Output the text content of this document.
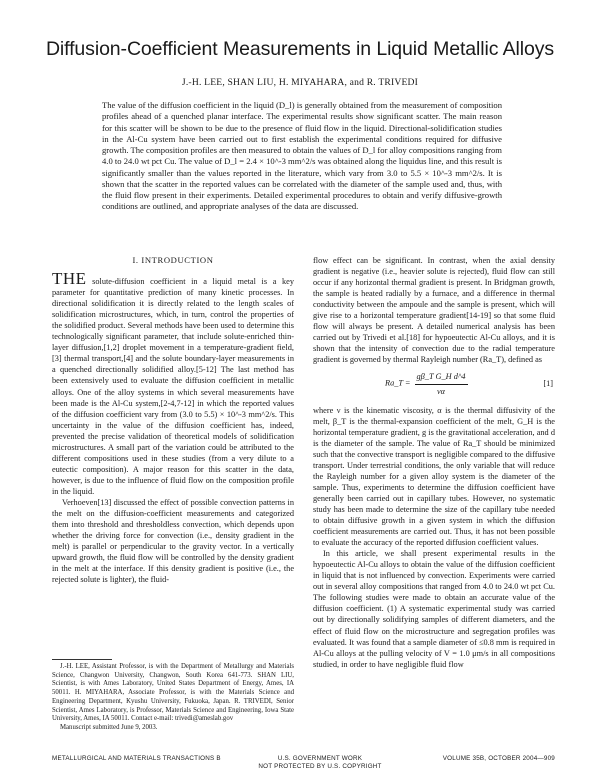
Diffusion-Coefficient Measurements in Liquid Metallic Alloys
J.-H. LEE, SHAN LIU, H. MIYAHARA, and R. TRIVEDI
The value of the diffusion coefficient in the liquid (D_l) is generally obtained from the measurement of composition profiles ahead of a quenched planar interface. The experimental results show significant scatter. The main reason for this scatter will be shown to be due to the presence of fluid flow in the liquid. Directional-solidification studies in the Al-Cu system have been carried out to first establish the experimental conditions required for diffusive growth. The composition profiles are then measured to obtain the values of D_l for alloy compositions ranging from 4.0 to 24.0 wt pct Cu. The value of D_l = 2.4 × 10^-3 mm^2/s was obtained along the liquidus line, and this result is significantly smaller than the values reported in the literature, which vary from 3.0 to 5.5 × 10^-3 mm^2/s. It is shown that the scatter in the reported values can be correlated with the diameter of the sample used and, thus, with the fluid flow present in their experiments. Detailed experimental procedures to obtain and verify diffusive-growth conditions are outlined, and appropriate analyses of the data are discussed.
I. INTRODUCTION

THE solute-diffusion coefficient in a liquid metal is a key parameter for quantitative prediction of many kinetic processes. In directional solidification it is directly related to the length scales of solidification microstructures, which, in turn, control the properties of the solidified product. Several methods have been used to determine this technologically significant parameter, that include solute-enriched thin-layer diffusion,[1,2] droplet movement in a temperature-gradient field,[3] thermal transport,[4] and the solute boundary-layer measurements in a quenched directionally solidified alloy.[5-12] The last method has been extensively used to evaluate the diffusion coefficient in metallic alloys. One of the alloy systems in which several measurements have been made is the Al-Cu system,[2-4,7-12] in which the reported values of the diffusion coefficient vary from (3.0 to 5.5) × 10^-3 mm^2/s. This uncertainty in the value of the diffusion coefficient has, indeed, prevented the precise validation of theoretical models of solidification microstructures. A small part of the variation could be attributed to the different compositions used in these studies (from a very dilute to a eutectic composition). A major reason for this scatter in the data, however, is due to the influence of fluid flow on the composition profile in the liquid.

Verhoeven[13] discussed the effect of possible convection patterns in the melt on the diffusion-coefficient measurements and categorized them into threshold and thresholdless convection, which depends upon whether the driving force for convection (i.e., density gradient in the melt) is parallel or perpendicular to the gravity vector. In a vertically upward growth, the fluid flow will be controlled by the density gradient in the melt at the interface. If this density gradient is positive (i.e., the rejected solute is lighter), the fluid-

flow effect can be significant. In contrast, when the axial density gradient is negative (i.e., heavier solute is rejected), fluid flow can still occur if any horizontal thermal gradient is present. In Bridgman growth, the sample is heated radially by a furnace, and a difference in thermal conductivity between the ampoule and the sample is present, which will give rise to a horizontal temperature gradient[14-19] so that some fluid flow will always be present. A detailed numerical analysis has been carried out by Trivedi et al.[18] for hypoeutectic Al-Cu alloys, and it is shown that the intensity of convection due to the radial temperature gradient is governed by thermal Rayleigh number (Ra_T), defined as

Ra_T = $\frac{\text{gβ\_T G\_H d\textasciicircum{}4}}{\nu\alpha}$	[1]

where ν is the kinematic viscosity, α is the thermal diffusivity of the melt, β_T is the thermal-expansion coefficient of the melt, G_H is the horizontal temperature gradient, g is the gravitational acceleration, and d is the diameter of the sample. The value of Ra_T should be minimized such that the convective transport is negligible compared to the diffusive transport. Under terrestrial conditions, the only variable that will reduce the Rayleigh number for a given alloy system is the diameter of the sample. Thus, experiments to determine the diffusion coefficient have generally been carried out in capillary tubes. However, no systematic study has been made to determine the size of the capillary tube needed to obtain diffusive growth in a given system in which the diffusion coefficient measurements are carried out. Thus, it has not been possible to evaluate the accuracy of the reported diffusion coefficient values.

In this article, we shall present experimental results in the hypoeutectic Al-Cu alloys to obtain the value of the diffusion coefficient in liquid that is not influenced by convection. Experiments were carried out in several alloy compositions that ranged from 4.0 to 24.0 wt pct Cu. The following studies were made to obtain an accurate value of the diffusion coefficient. (1) A systematic experimental study was carried out by directionally solidifying samples of different diameters, and the effect of fluid flow on the microstructure and segregation profiles was evaluated. It was found that a sample diameter of ≤0.8 mm is required in Al-Cu alloys at the pulling velocity of V = 1.0 μm/s in all compositions studied, in order to have negligible fluid flow

J.-H. LEE, Assistant Professor, is with the Department of Metallurgy and Materials Science, Changwon University, Changwon, South Korea 641-773. SHAN LIU, Scientist, is with Ames Laboratory, United States Department of Energy, Ames, IA 50011. H. MIYAHARA, Associate Professor, is with the Materials Science and Engineering Department, Kyushu University, Fukuoka, Japan. R. TRIVEDI, Senior Scientist, Ames Laboratory, is Professor, Materials Science and Engineering, Iowa State University, Ames, IA 50011. Contact e-mail: trivedi@ameslab.gov

Manuscript submitted June 9, 2003.

METALLURGICAL AND MATERIALS TRANSACTIONS B	U.S. GOVERNMENT WORK
NOT PROTECTED BY U.S. COPYRIGHT
VOLUME 35B, OCTOBER 2004—909
